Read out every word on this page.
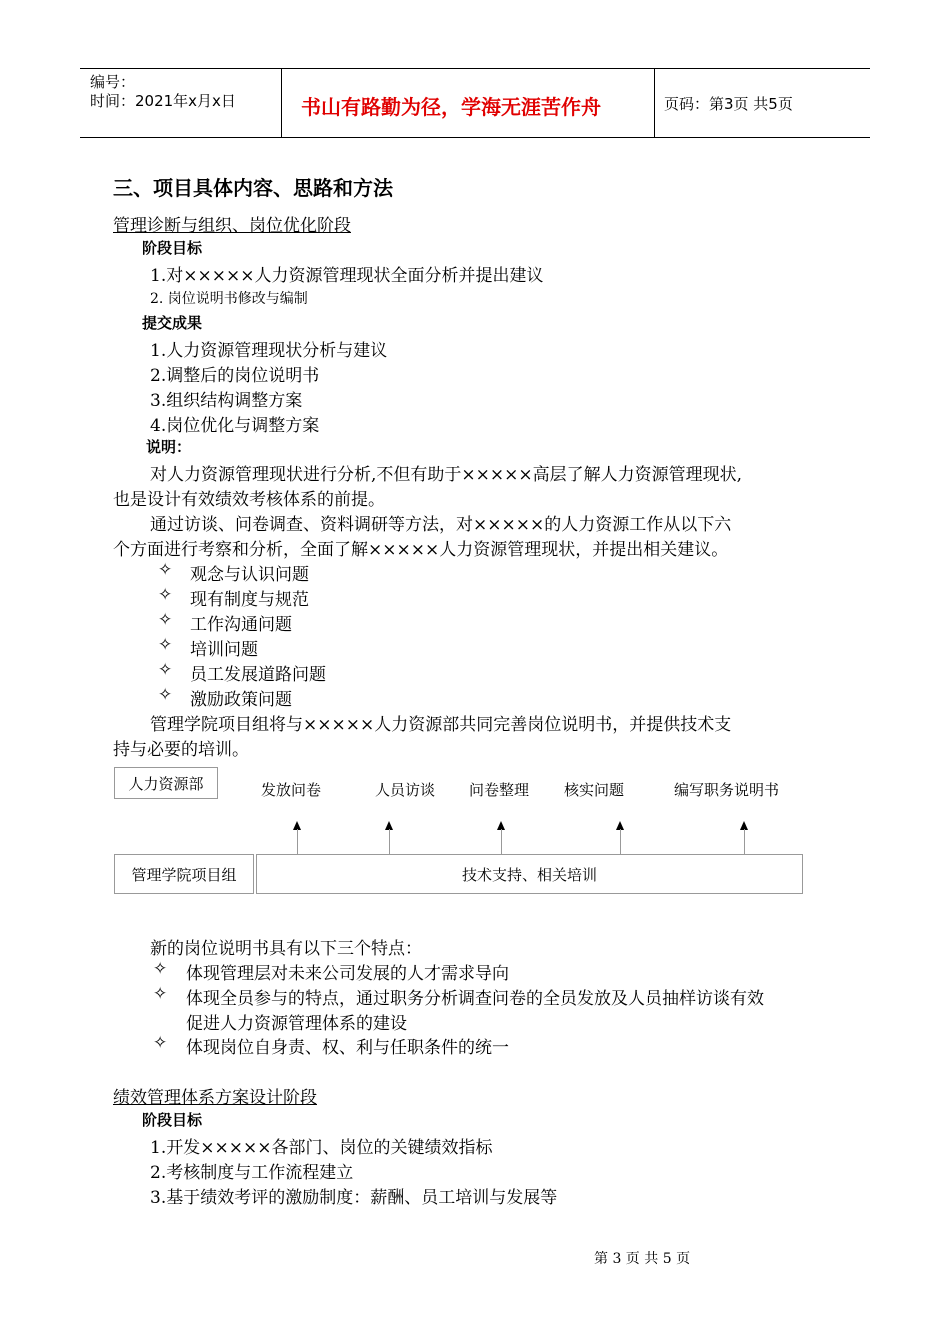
编号：
时间：2021年x月x日	书山有路勤为径，学海无涯苦作舟	页码：第3页 共5页
三、项目具体内容、思路和方法
管理诊断与组织、岗位优化阶段
阶段目标
1.对×××××人力资源管理现状全面分析并提出建议
2. 岗位说明书修改与编制
提交成果
1.人力资源管理现状分析与建议
2.调整后的岗位说明书
3.组织结构调整方案
4.岗位优化与调整方案
说明：
对人力资源管理现状进行分析,不但有助于×××××高层了解人力资源管理现状,
也是设计有效绩效考核体系的前提。
通过访谈、问卷调查、资料调研等方法，对×××××的人力资源工作从以下六
个方面进行考察和分析，全面了解×××××人力资源管理现状，并提出相关建议。
✧ 观念与认识问题
✧ 现有制度与规范
✧ 工作沟通问题
✧ 培训问题
✧ 员工发展道路问题
✧ 激励政策问题
管理学院项目组将与×××××人力资源部共同完善岗位说明书，并提供技术支
持与必要的培训。
人力资源部	发放问卷	人员访谈 问卷整理 核实问题	编写职务说明书
管理学院项目组	技术支持、相关培训
新的岗位说明书具有以下三个特点：
✧ 体现管理层对未来公司发展的人才需求导向
✧ 体现全员参与的特点，通过职务分析调查问卷的全员发放及人员抽样访谈有效
促进人力资源管理体系的建设
✧ 体现岗位自身责、权、利与任职条件的统一
绩效管理体系方案设计阶段
阶段目标
1.开发×××××各部门、岗位的关键绩效指标
2.考核制度与工作流程建立
3.基于绩效考评的激励制度：薪酬、员工培训与发展等
第 3 页 共 5 页
